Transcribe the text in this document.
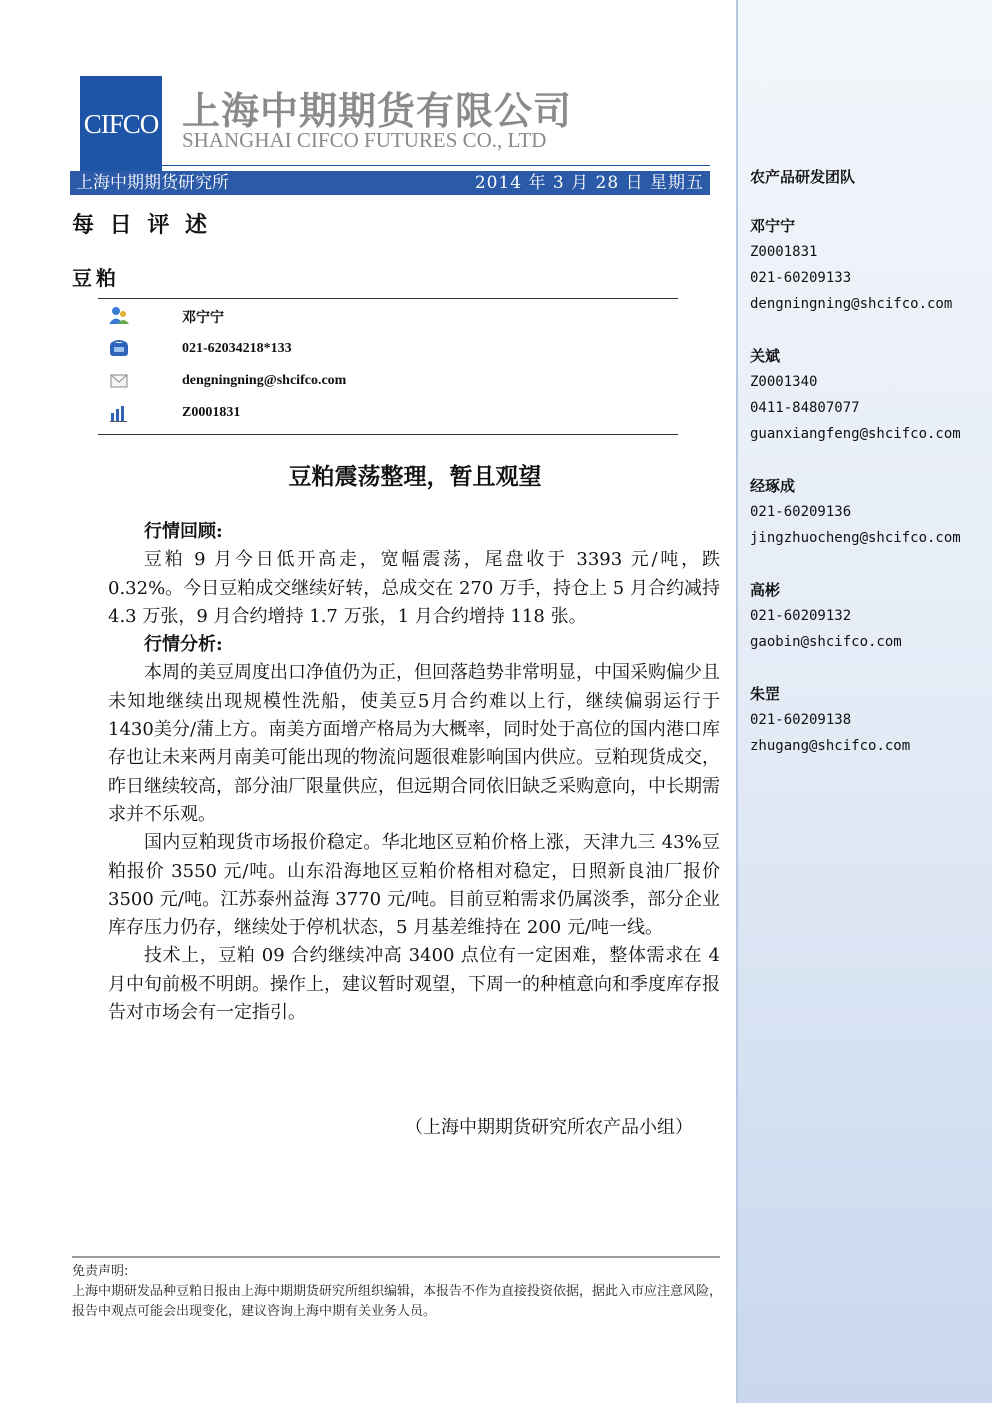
CIFCO 上海中期期货有限公司
SHANGHAI CIFCO FUTURES CO., LTD
上海中期期货研究所	2014 年 3 月 28 日 星期五
每 日 评 述
豆粕
邓宁宁
021-62034218*133
dengningning@shcifco.com
Z0001831
豆粕震荡整理，暂且观望

行情回顾:

豆粕 9 月今日低开高走，宽幅震荡，尾盘收于 3393 元/吨，跌 0.32%。今日豆粕成交继续好转，总成交在 270 万手，持仓上 5 月合约减持 4.3 万张，9 月合约增持 1.7 万张，1 月合约增持 118 张。

行情分析:

本周的美豆周度出口净值仍为正，但回落趋势非常明显，中国采购偏少且未知地继续出现规模性洗船，使美豆5月合约难以上行，继续偏弱运行于1430美分/蒲上方。南美方面增产格局为大概率，同时处于高位的国内港口库存也让未来两月南美可能出现的物流问题很难影响国内供应。豆粕现货成交，昨日继续较高，部分油厂限量供应，但远期合同依旧缺乏采购意向，中长期需求并不乐观。

国内豆粕现货市场报价稳定。华北地区豆粕价格上涨，天津九三 43%豆粕报价 3550 元/吨。山东沿海地区豆粕价格相对稳定，日照新良油厂报价 3500 元/吨。江苏泰州益海 3770 元/吨。目前豆粕需求仍属淡季，部分企业库存压力仍存，继续处于停机状态，5 月基差维持在 200 元/吨一线。

技术上，豆粕 09 合约继续冲高 3400 点位有一定困难，整体需求在 4 月中旬前极不明朗。操作上，建议暂时观望，下周一的种植意向和季度库存报告对市场会有一定指引。

（上海中期期货研究所农产品小组）

免责声明:

上海中期研发品种豆粕日报由上海中期期货研究所组织编辑，本报告不作为直接投资依据，据此入市应注意风险，报告中观点可能会出现变化，建议咨询上海中期有关业务人员。

农产品研发团队
邓宁宁
Z0001831
021-60209133
dengningning@shcifco.com
关斌
Z0001340
0411-84807077
guanxiangfeng@shcifco.com
经琢成
021-60209136
jingzhuocheng@shcifco.com
高彬
021-60209132
gaobin@shcifco.com
朱罡
021-60209138
zhugang@shcifco.com
